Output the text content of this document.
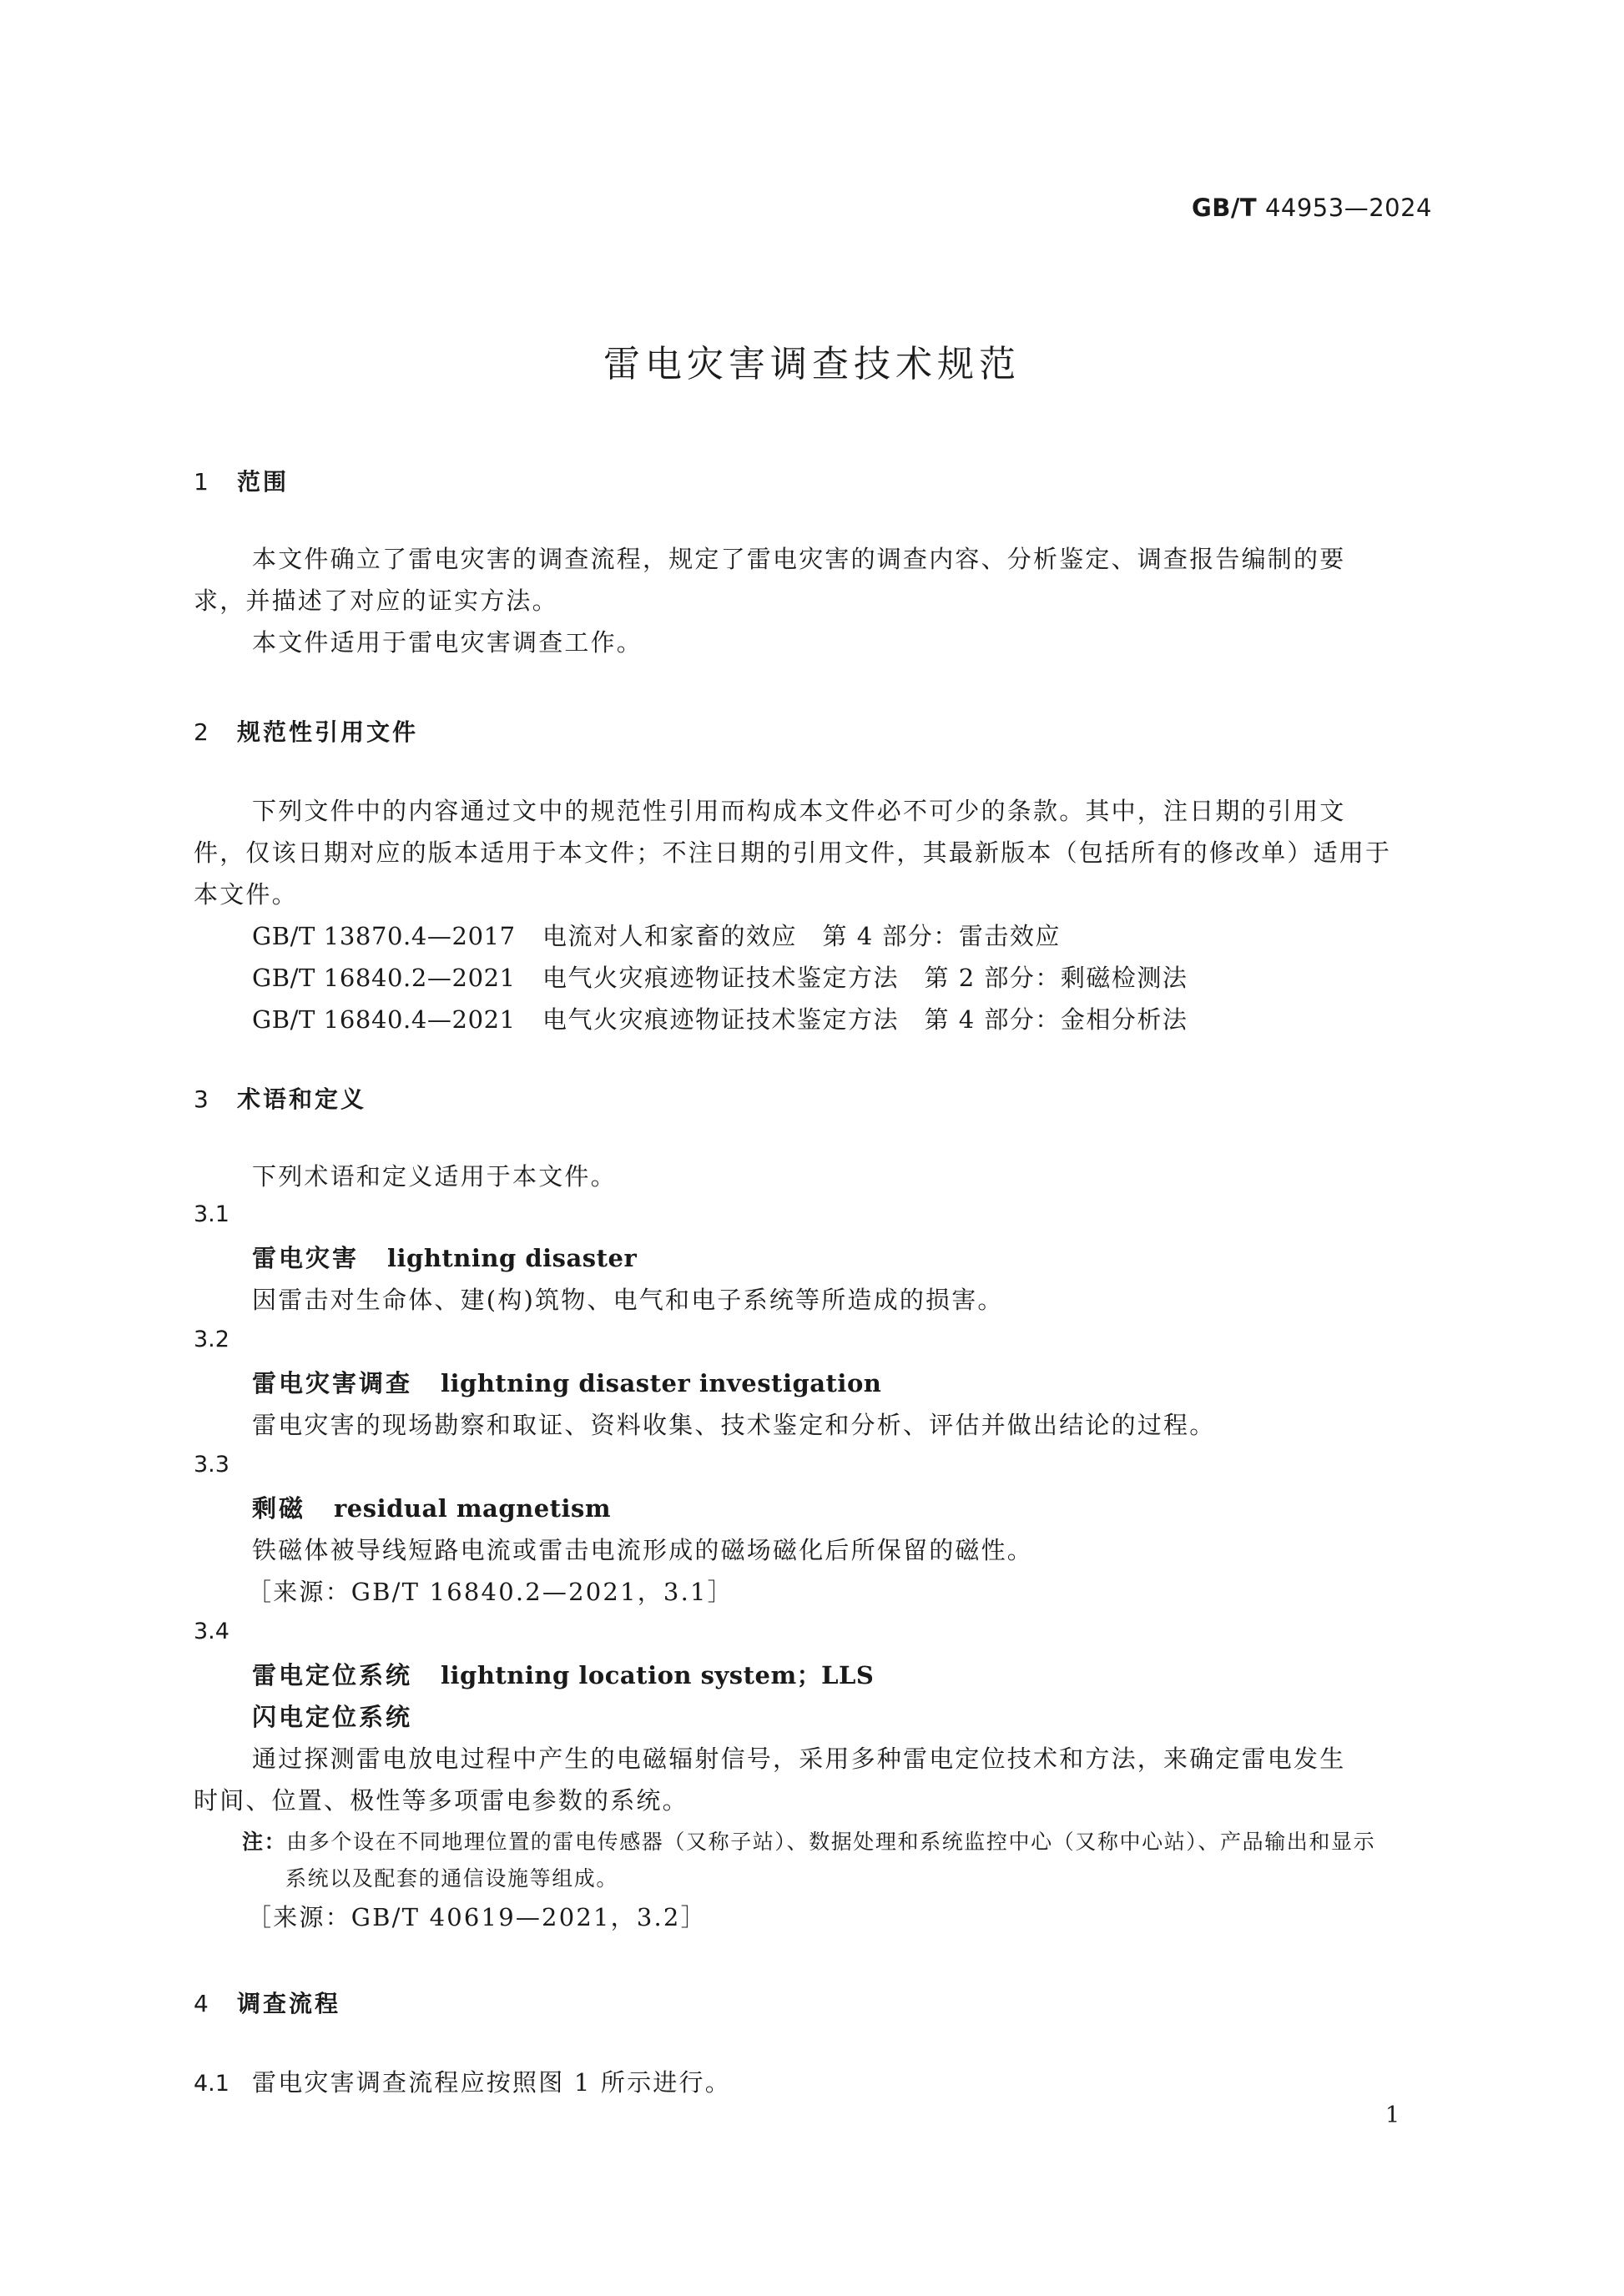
GB/T 44953—2024
雷电灾害调查技术规范
1 范围
本文件确立了雷电灾害的调查流程，规定了雷电灾害的调查内容、分析鉴定、调查报告编制的要
求，并描述了对应的证实方法。
本文件适用于雷电灾害调查工作。
2 规范性引用文件
下列文件中的内容通过文中的规范性引用而构成本文件必不可少的条款。其中，注日期的引用文
件，仅该日期对应的版本适用于本文件；不注日期的引用文件，其最新版本（包括所有的修改单）适用于
本文件。
GB/T 13870.4—2017 电流对人和家畜的效应　第 4 部分：雷击效应
GB/T 16840.2—2021 电气火灾痕迹物证技术鉴定方法　第 2 部分：剩磁检测法
GB/T 16840.4—2021 电气火灾痕迹物证技术鉴定方法　第 4 部分：金相分析法
3 术语和定义
下列术语和定义适用于本文件。
3.1
雷电灾害 lightning disaster
因雷击对生命体、建(构)筑物、电气和电子系统等所造成的损害。
3.2
雷电灾害调查 lightning disaster investigation
雷电灾害的现场勘察和取证、资料收集、技术鉴定和分析、评估并做出结论的过程。
3.3
剩磁 residual magnetism
铁磁体被导线短路电流或雷击电流形成的磁场磁化后所保留的磁性。
［来源：GB/T 16840.2—2021，3.1］
3.4
雷电定位系统 lightning location system；LLS
闪电定位系统
通过探测雷电放电过程中产生的电磁辐射信号，采用多种雷电定位技术和方法，来确定雷电发生
时间、位置、极性等多项雷电参数的系统。
注：由多个设在不同地理位置的雷电传感器（又称子站）、数据处理和系统监控中心（又称中心站）、产品输出和显示
系统以及配套的通信设施等组成。
［来源：GB/T 40619—2021，3.2］
4 调查流程
4.1 雷电灾害调查流程应按照图 1 所示进行。
1
